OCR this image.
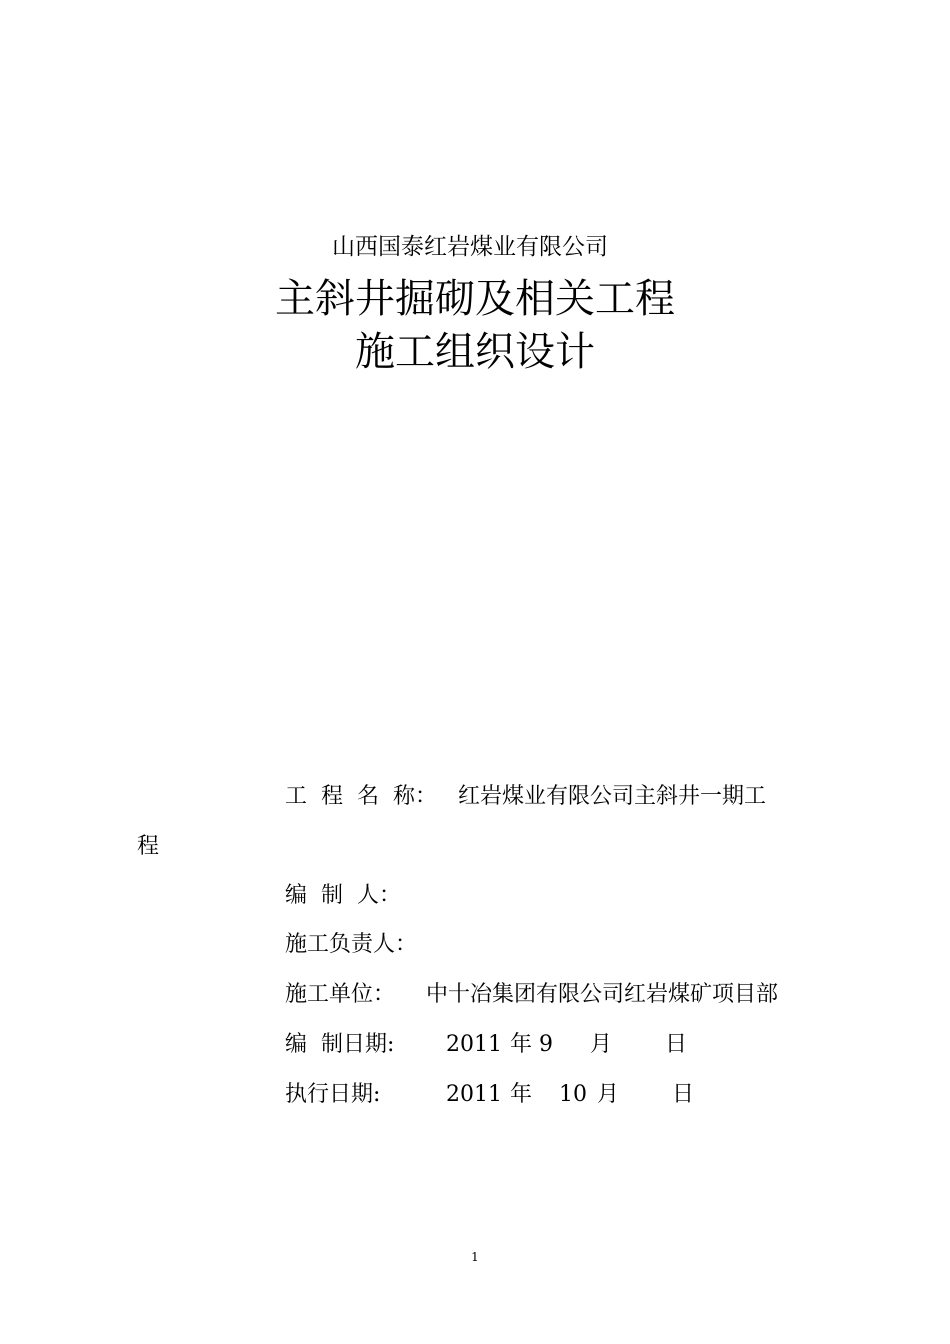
山西国泰红岩煤业有限公司
主斜井掘砌及相关工程
施工组织设计
工  程  名  称： 红岩煤业有限公司主斜井一期工
程
编  制  人：
施工负责人：
施工单位： 中十冶集团有限公司红岩煤矿项目部
编  制日期: 2011 年 9 月 日
执行日期:	2011 年 10 月 日
1
